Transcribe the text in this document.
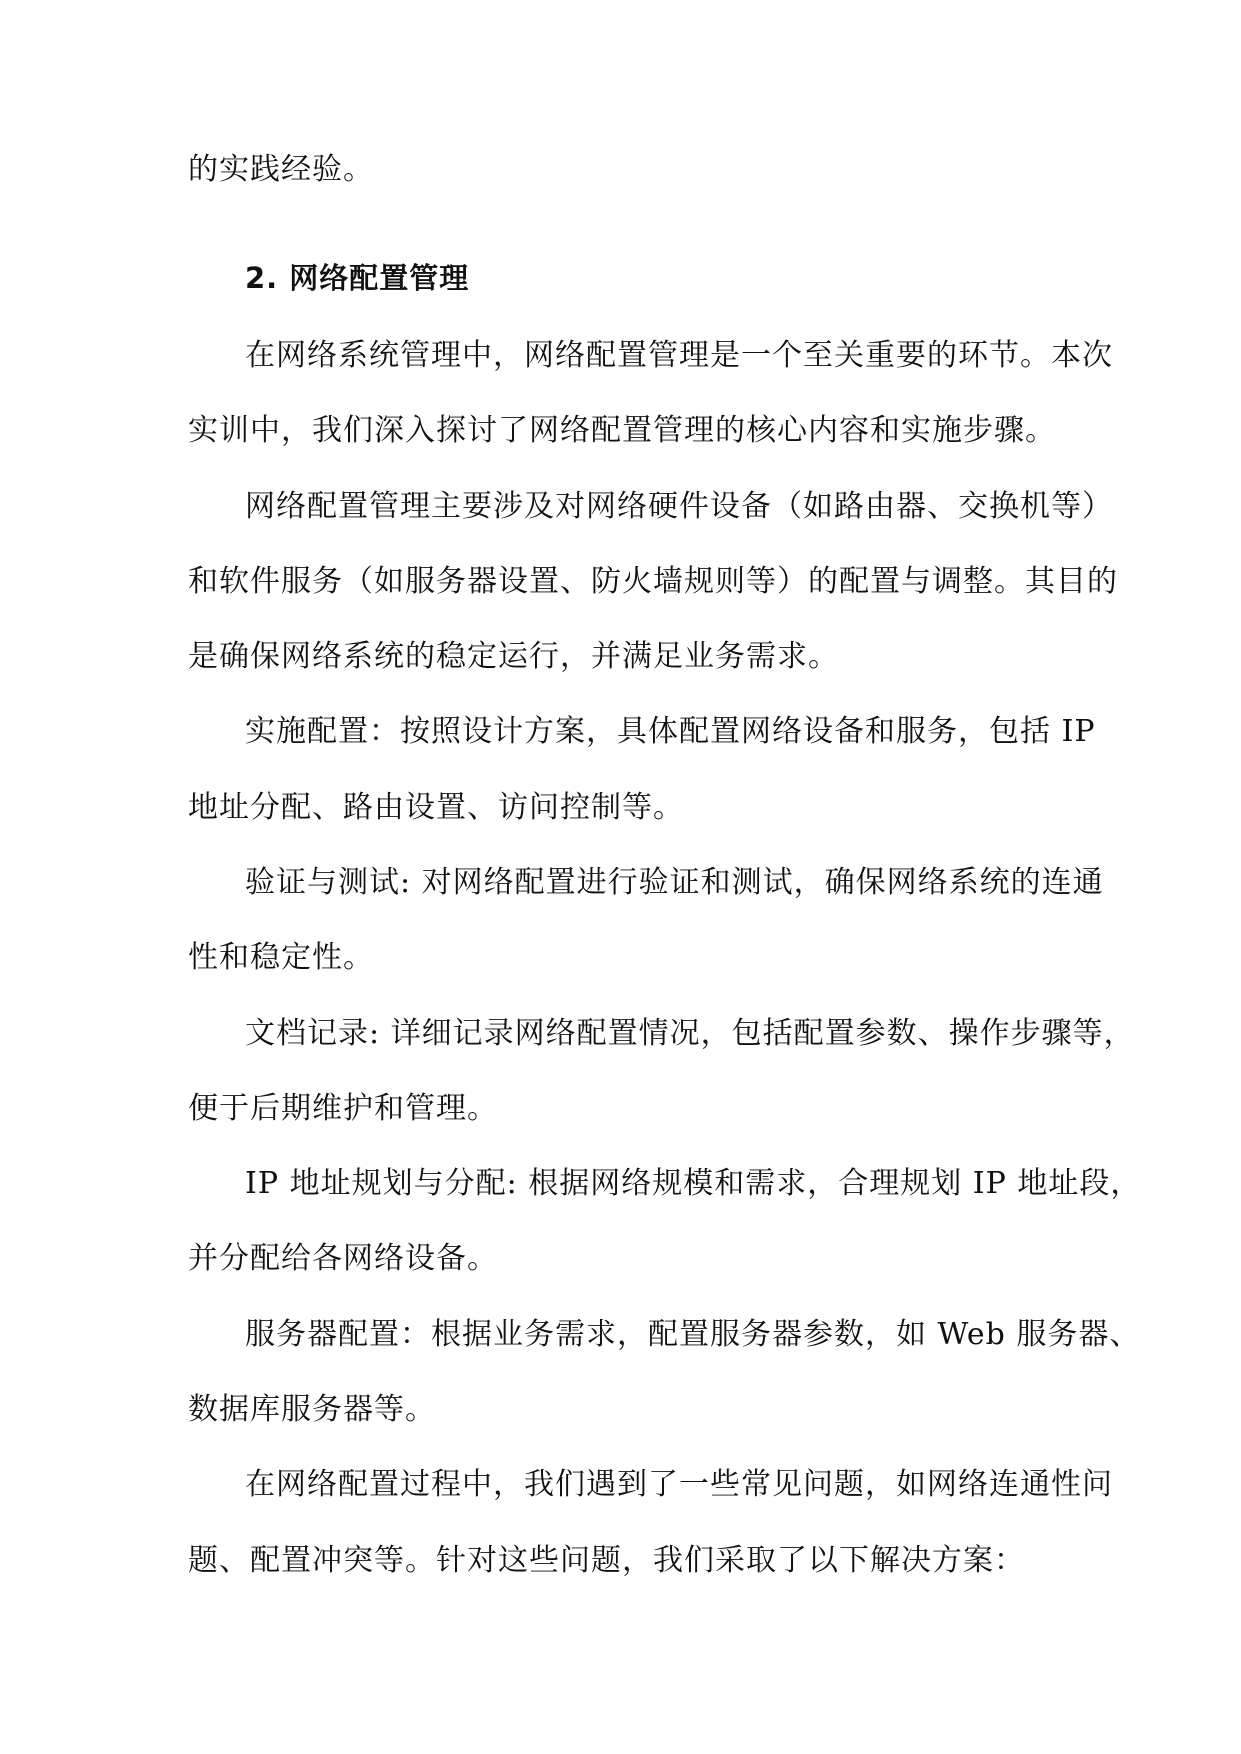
的实践经验。
2. 网络配置管理
在网络系统管理中，网络配置管理是一个至关重要的环节。本次
实训中，我们深入探讨了网络配置管理的核心内容和实施步骤。
网络配置管理主要涉及对网络硬件设备（如路由器、交换机等）
和软件服务（如服务器设置、防火墙规则等）的配置与调整。其目的
是确保网络系统的稳定运行，并满足业务需求。
实施配置：按照设计方案，具体配置网络设备和服务，包括 IP
地址分配、路由设置、访问控制等。
验证与测试: 对网络配置进行验证和测试，确保网络系统的连通
性和稳定性。
文档记录: 详细记录网络配置情况，包括配置参数、操作步骤等，
便于后期维护和管理。
IP 地址规划与分配: 根据网络规模和需求，合理规划 IP 地址段，
并分配给各网络设备。
服务器配置：根据业务需求，配置服务器参数，如 Web 服务器、
数据库服务器等。
在网络配置过程中，我们遇到了一些常见问题，如网络连通性问
题、配置冲突等。针对这些问题，我们采取了以下解决方案：
